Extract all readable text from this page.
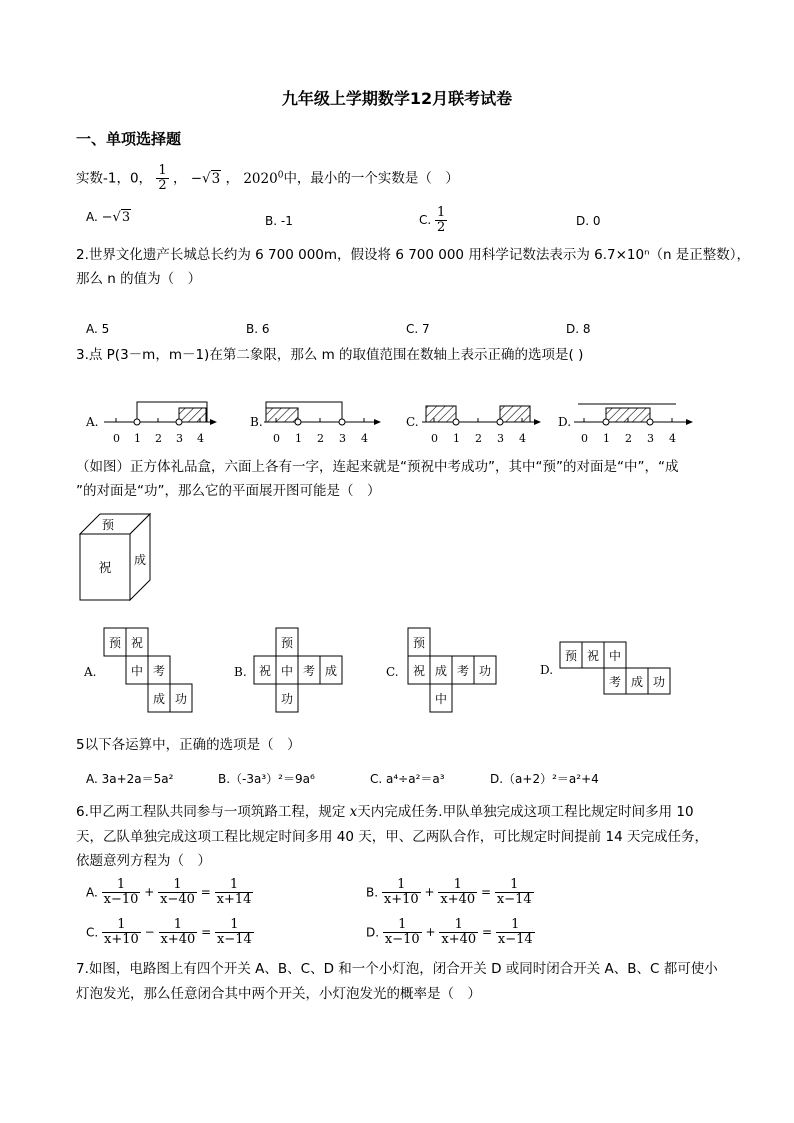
九年级上学期数学12月联考试卷
一、单项选择题
实数-1，0， $\frac{1}{2}$ ， −√3 ， 2020$^0$中，最小的一个实数是（　）
A. −√3	B. -1	C. $\frac{1}{2}$	D. 0
2.世界文化遗产长城总长约为 6 700 000m，假设将 6 700 000 用科学记数法表示为 6.7×10ⁿ（n 是正整数），
那么 n 的值为（　）
A. 5	B. 6	C. 7	D. 8
3.点 P(3－m，m－1)在第二象限，那么 m 的取值范围在数轴上表示正确的选项是( )
A.
0 1 2 3 4
B.
0 1 2 3 4
C.
0 1 2 3 4
D.
0 1 2 3 4
（如图）正方体礼品盒，六面上各有一字，连起来就是“预祝中考成功”，其中“预”的对面是“中”，“成
”的对面是“功”，那么它的平面展开图可能是（　）
预
祝
成
A.
预 祝
中 考
成 功
B.
预
祝 中 考 成
功
C.
预
祝 成 考 功
中
D.
预 祝 中
考 成 功
5以下各运算中，正确的选项是（　）
A. 3a+2a＝5a²	B.（-3a³）²＝9a⁶	C. a⁴÷a²＝a³	D.（a+2）²＝a²+4
6.甲乙两工程队共同参与一项筑路工程，规定 x天内完成任务.甲队单独完成这项工程比规定时间多用 10
天，乙队单独完成这项工程比规定时间多用 40 天，甲、乙两队合作，可比规定时间提前 14 天完成任务，
依题意列方程为（　）
A. $\frac{1}{x-10} + \frac{1}{x-40} = \frac{1}{x+14}$	B. $\frac{1}{x+10} + \frac{1}{x+40} = \frac{1}{x-14}$
C. $\frac{1}{x+10} - \frac{1}{x+40} = \frac{1}{x-14}$	D. $\frac{1}{x-10} + \frac{1}{x+40} = \frac{1}{x-14}$
7.如图，电路图上有四个开关 A、B、C、D 和一个小灯泡，闭合开关 D 或同时闭合开关 A、B、C 都可使小
灯泡发光，那么任意闭合其中两个开关，小灯泡发光的概率是（　）
